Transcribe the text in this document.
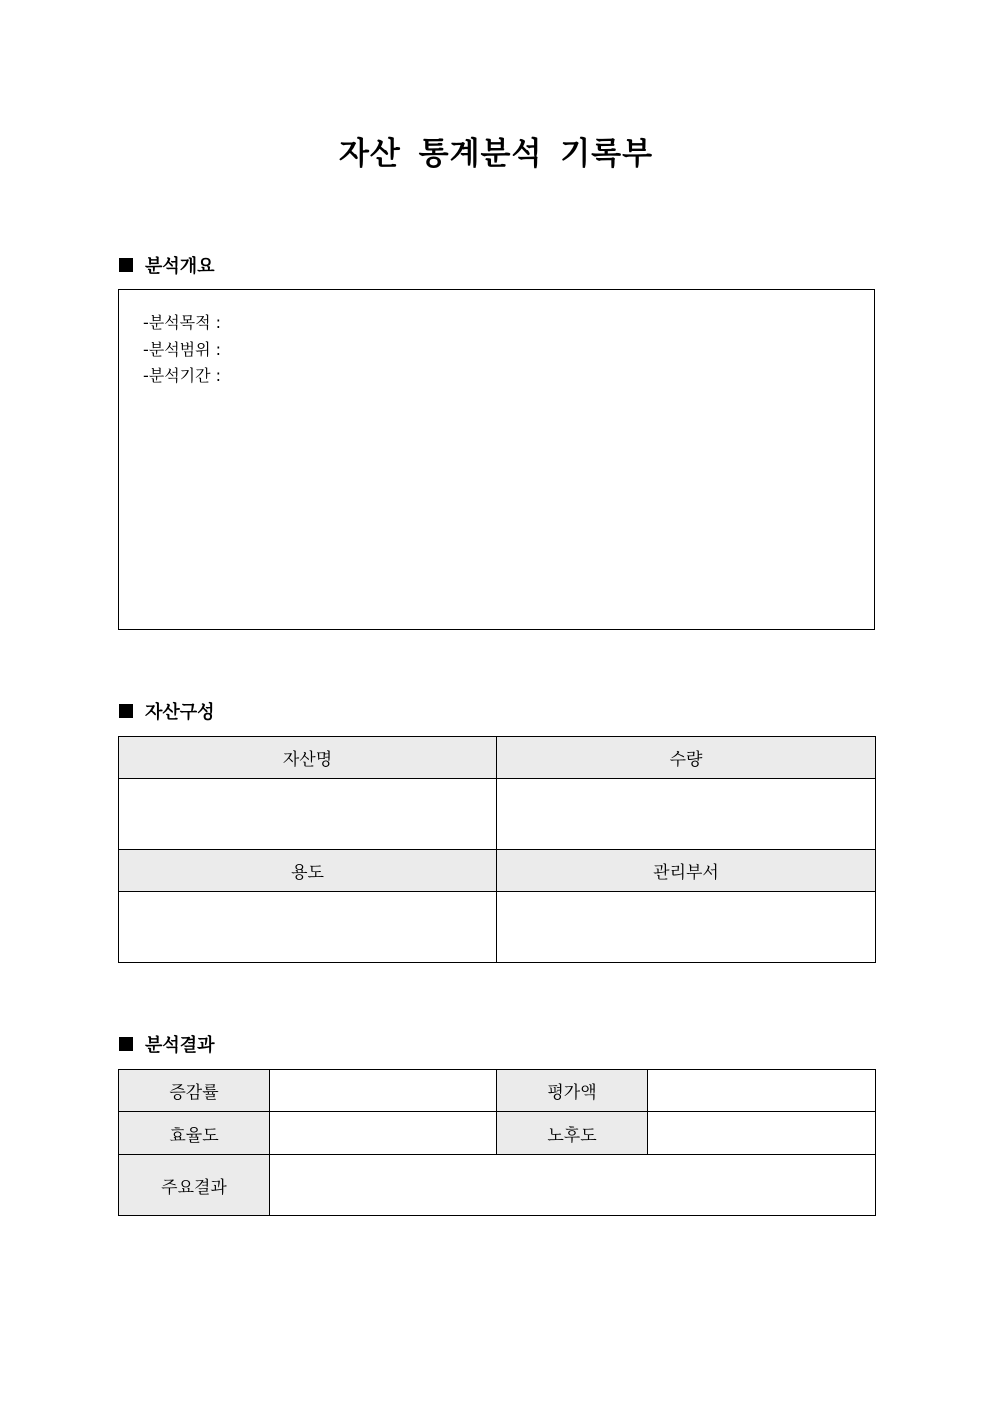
자산 통계분석 기록부
분석개요
-분석목적 :
-분석범위 :
-분석기간 :
자산구성
자산명	수량

용도	관리부서

분석결과
증감률		평가액	
효율도		노후도	
주요결과			
